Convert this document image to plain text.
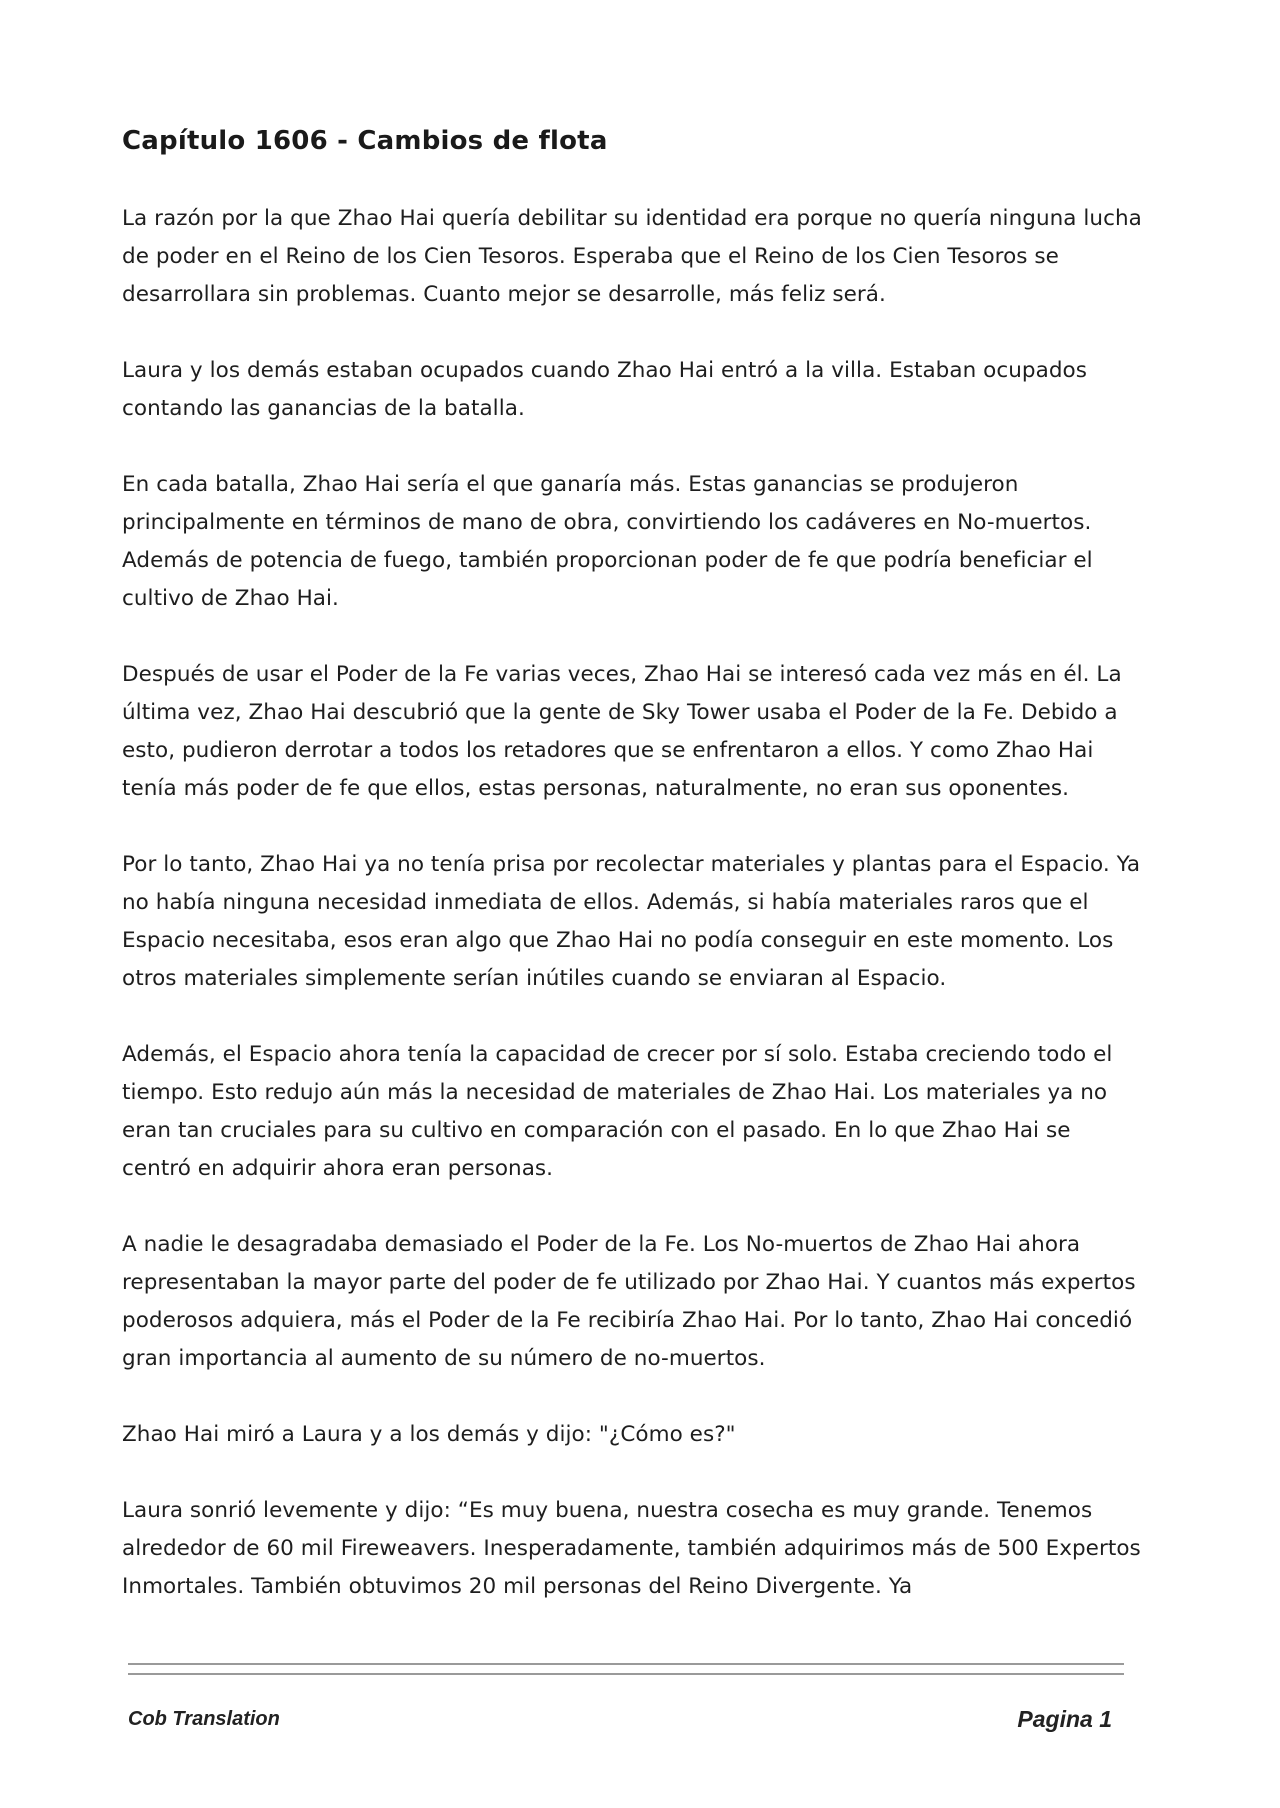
Capítulo 1606 - Cambios de flota

La razón por la que Zhao Hai quería debilitar su identidad era porque no quería ninguna lucha de poder en el Reino de los Cien Tesoros. Esperaba que el Reino de los Cien Tesoros se desarrollara sin problemas. Cuanto mejor se desarrolle, más feliz será.

Laura y los demás estaban ocupados cuando Zhao Hai entró a la villa. Estaban ocupados contando las ganancias de la batalla.

En cada batalla, Zhao Hai sería el que ganaría más. Estas ganancias se produjeron principalmente en términos de mano de obra, convirtiendo los cadáveres en No-muertos. Además de potencia de fuego, también proporcionan poder de fe que podría beneficiar el cultivo de Zhao Hai.

Después de usar el Poder de la Fe varias veces, Zhao Hai se interesó cada vez más en él. La última vez, Zhao Hai descubrió que la gente de Sky Tower usaba el Poder de la Fe. Debido a esto, pudieron derrotar a todos los retadores que se enfrentaron a ellos. Y como Zhao Hai tenía más poder de fe que ellos, estas personas, naturalmente, no eran sus oponentes.

Por lo tanto, Zhao Hai ya no tenía prisa por recolectar materiales y plantas para el Espacio. Ya no había ninguna necesidad inmediata de ellos. Además, si había materiales raros que el Espacio necesitaba, esos eran algo que Zhao Hai no podía conseguir en este momento. Los otros materiales simplemente serían inútiles cuando se enviaran al Espacio.

Además, el Espacio ahora tenía la capacidad de crecer por sí solo. Estaba creciendo todo el tiempo. Esto redujo aún más la necesidad de materiales de Zhao Hai. Los materiales ya no eran tan cruciales para su cultivo en comparación con el pasado. En lo que Zhao Hai se centró en adquirir ahora eran personas.

A nadie le desagradaba demasiado el Poder de la Fe. Los No-muertos de Zhao Hai ahora representaban la mayor parte del poder de fe utilizado por Zhao Hai. Y cuantos más expertos poderosos adquiera, más el Poder de la Fe recibiría Zhao Hai. Por lo tanto, Zhao Hai concedió gran importancia al aumento de su número de no-muertos.

Zhao Hai miró a Laura y a los demás y dijo: "¿Cómo es?"

Laura sonrió levemente y dijo: “Es muy buena, nuestra cosecha es muy grande. Tenemos alrededor de 60 mil Fireweavers. Inesperadamente, también adquirimos más de 500 Expertos Inmortales. También obtuvimos 20 mil personas del Reino Divergente. Ya

Cob Translation	Pagina 1
